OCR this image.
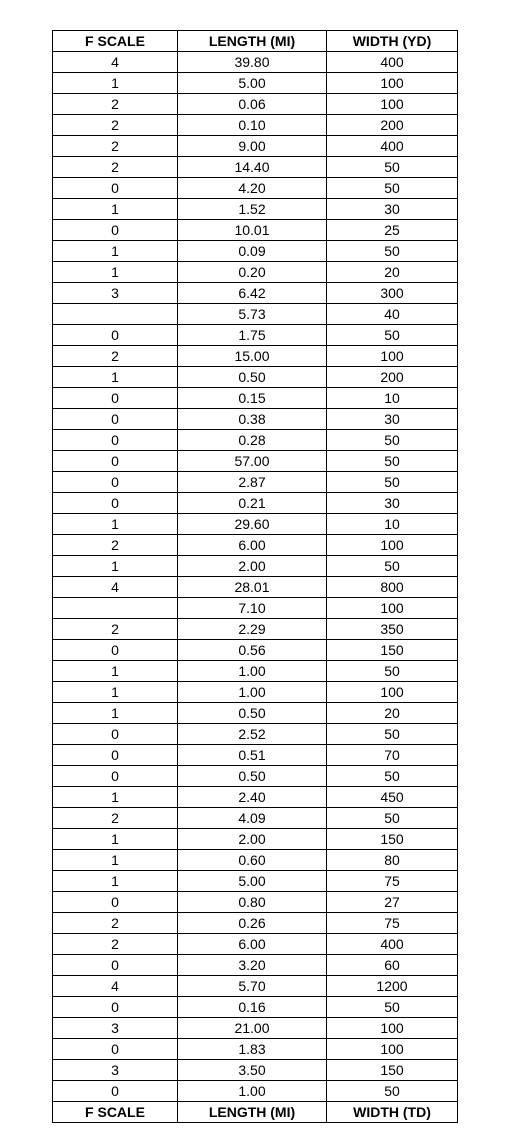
F SCALE	LENGTH (MI)	WIDTH (YD)
4	39.80	400
1	5.00	100
2	0.06	100
2	0.10	200
2	9.00	400
2	14.40	50
0	4.20	50
1	1.52	30
0	10.01	25
1	0.09	50
1	0.20	20
3	6.42	300
	5.73	40
0	1.75	50
2	15.00	100
1	0.50	200
0	0.15	10
0	0.38	30
0	0.28	50
0	57.00	50
0	2.87	50
0	0.21	30
1	29.60	10
2	6.00	100
1	2.00	50
4	28.01	800
	7.10	100
2	2.29	350
0	0.56	150
1	1.00	50
1	1.00	100
1	0.50	20
0	2.52	50
0	0.51	70
0	0.50	50
1	2.40	450
2	4.09	50
1	2.00	150
1	0.60	80
1	5.00	75
0	0.80	27
2	0.26	75
2	6.00	400
0	3.20	60
4	5.70	1200
0	0.16	50
3	21.00	100
0	1.83	100
3	3.50	150
0	1.00	50
F SCALE	LENGTH (MI)	WIDTH (TD)
